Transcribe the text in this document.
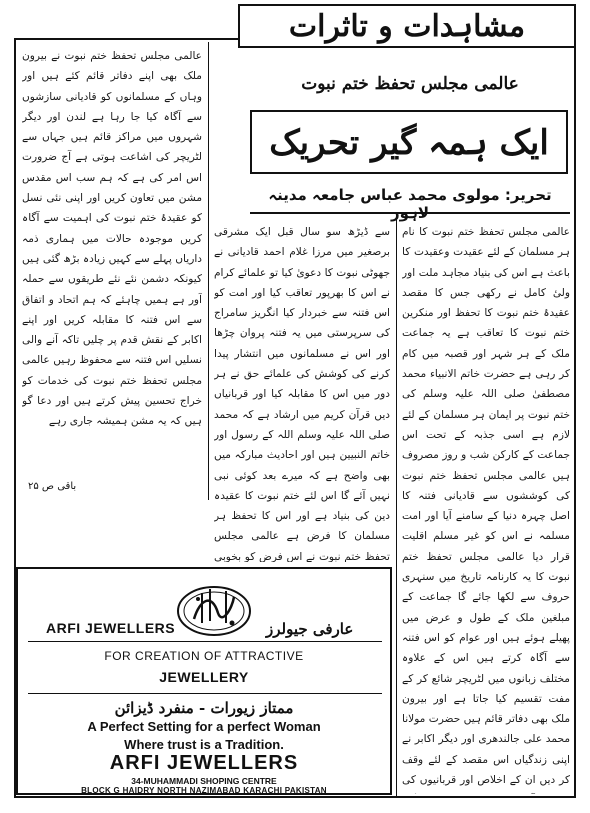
مشاہدات و تاثرات
عالمی مجلس تحفظ ختم نبوت
ایک ہمہ گیر تحریک
تحریر: مولوی محمد عباس جامعہ مدینہ لاہور
عالمی مجلس تحفظ ختم نبوت کا نام ہر مسلمان کے لئے عقیدت وعقیدت کا باعث ہے اس کی بنیاد مجاہد ملت اور ولیٔ کامل نے رکھی جس کا مقصد عقیدۂ ختم نبوت کا تحفظ اور منکرین ختم نبوت کا تعاقب ہے یہ جماعت ملک کے ہر شہر اور قصبہ میں کام کر رہی ہے حضرت خاتم الانبیاء محمد مصطفیٰ صلی اللہ علیہ وسلم کی ختم نبوت پر ایمان ہر مسلمان کے لئے لازم ہے اسی جذبہ کے تحت اس جماعت کے کارکن شب و روز مصروف ہیں عالمی مجلس تحفظ ختم نبوت کی کوششوں سے قادیانی فتنہ کا اصل چہرہ دنیا کے سامنے آیا اور امت مسلمہ نے اس کو غیر مسلم اقلیت قرار دیا عالمی مجلس تحفظ ختم نبوت کا یہ کارنامہ تاریخ میں سنہری حروف سے لکھا جائے گا جماعت کے مبلغین ملک کے طول و عرض میں پھیلے ہوئے ہیں اور عوام کو اس فتنہ سے آگاہ کرتے ہیں اس کے علاوہ مختلف زبانوں میں لٹریچر شائع کر کے مفت تقسیم کیا جاتا ہے اور بیرون ملک بھی دفاتر قائم ہیں حضرت مولانا محمد علی جالندھری اور دیگر اکابر نے اپنی زندگیاں اس مقصد کے لئے وقف کر دیں ان کے اخلاص اور قربانیوں کی
سے ڈیڑھ سو سال قبل ایک مشرقی برصغیر میں مرزا غلام احمد قادیانی نے جھوٹی نبوت کا دعویٰ کیا تو علمائے کرام نے اس کا بھرپور تعاقب کیا اور امت کو اس فتنہ سے خبردار کیا انگریز سامراج کی سرپرستی میں یہ فتنہ پروان چڑھا اور اس نے مسلمانوں میں انتشار پیدا کرنے کی کوشش کی علمائے حق نے ہر دور میں اس کا مقابلہ کیا اور قربانیاں دیں قرآن کریم میں ارشاد ہے کہ محمد صلی اللہ علیہ وسلم اللہ کے رسول اور خاتم النبیین ہیں اور احادیث مبارکہ میں بھی واضح ہے کہ میرے بعد کوئی نبی نہیں آئے گا اس لئے ختم نبوت کا عقیدہ دین کی بنیاد ہے اور اس کا تحفظ ہر مسلمان کا فرض ہے عالمی مجلس تحفظ ختم نبوت نے اس فرض کو بخوبی
عالمی مجلس تحفظ ختم نبوت نے بیرون ملک بھی اپنے دفاتر قائم کئے ہیں اور وہاں کے مسلمانوں کو قادیانی سازشوں سے آگاہ کیا جا رہا ہے لندن اور دیگر شہروں میں مراکز قائم ہیں جہاں سے لٹریچر کی اشاعت ہوتی ہے آج ضرورت اس امر کی ہے کہ ہم سب اس مقدس مشن میں تعاون کریں اور اپنی نئی نسل کو عقیدۂ ختم نبوت کی اہمیت سے آگاہ کریں موجودہ حالات میں ہماری ذمہ داریاں پہلے سے کہیں زیادہ بڑھ گئی ہیں کیونکہ دشمن نئے نئے طریقوں سے حملہ آور ہے ہمیں چاہئے کہ ہم اتحاد و اتفاق سے اس فتنہ کا مقابلہ کریں اور اپنے اکابر کے نقش قدم پر چلیں تاکہ آنے والی نسلیں اس فتنہ سے محفوظ رہیں عالمی مجلس تحفظ ختم نبوت کی خدمات کو خراج تحسین پیش کرتے ہیں اور دعا گو ہیں کہ یہ مشن ہمیشہ جاری رہے
باقی ص ۲۵
ARFI JEWELLERS	عارفی جیولرز
FOR CREATION OF ATTRACTIVE
JEWELLERY
ممتاز زیورات - منفرد ڈیزائن
A Perfect Setting for a perfect Woman
Where trust is a Tradition.
ARFI JEWELLERS
34-MUHAMMADI SHOPING CENTRE
BLOCK G HAIDRY NORTH NAZIMABAD KARACHI PAKISTAN
